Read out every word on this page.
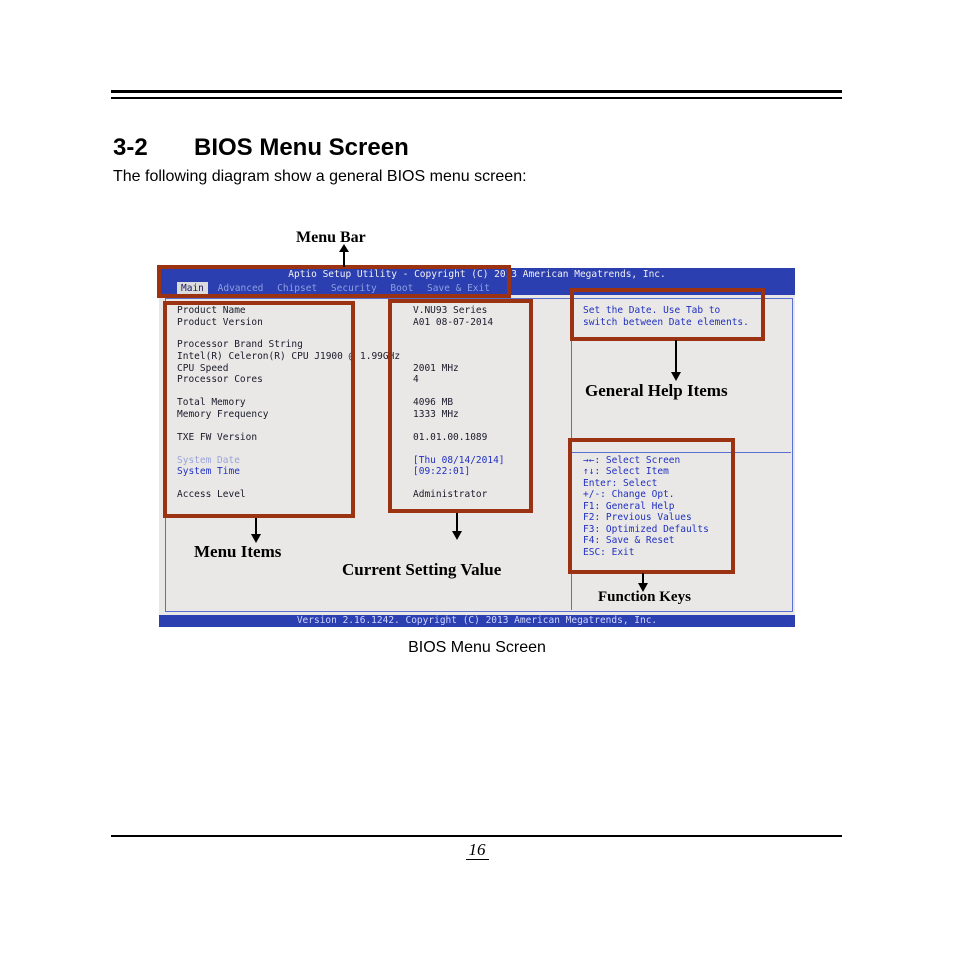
3-2 BIOS Menu Screen
The following diagram show a general BIOS menu screen:
Aptio Setup Utility - Copyright (C) 2013 American Megatrends, Inc.
Main Advanced Chipset Security Boot Save & Exit
Product Name
Product Version
Processor Brand String
Intel(R) Celeron(R) CPU J1900 @ 1.99GHz
CPU Speed
Processor Cores
Total Memory
Memory Frequency
TXE FW Version
System Date
System Time
Access Level
V.NU93 Series
A01 08-07-2014
2001 MHz
4
4096 MB
1333 MHz
01.01.00.1089
[Thu 08/14/2014]
[09:22:01]
Administrator
Set the Date. Use Tab to
switch between Date elements.
→←: Select Screen
↑↓: Select Item
Enter: Select
+/-: Change Opt.
F1: General Help
F2: Previous Values
F3: Optimized Defaults
F4: Save & Reset
ESC: Exit
Version 2.16.1242. Copyright (C) 2013 American Megatrends, Inc.
Menu Bar
General Help Items
Menu Items
Current Setting Value
Function Keys
BIOS Menu Screen
16
